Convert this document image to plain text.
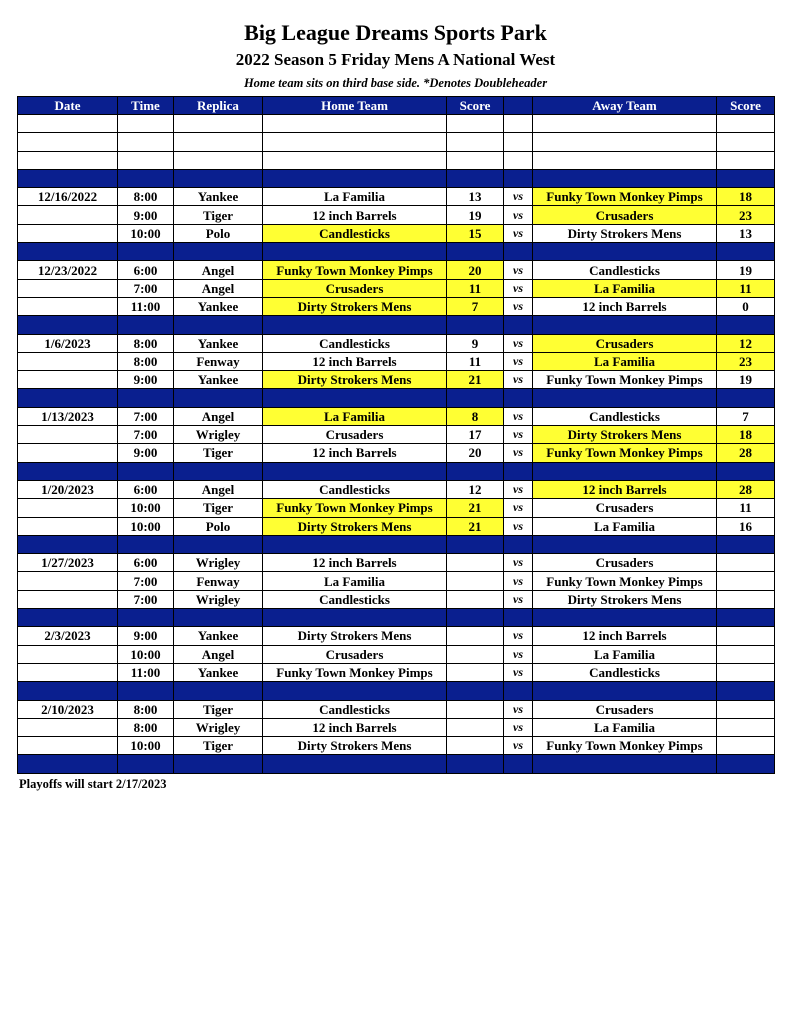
Big League Dreams Sports Park
2022 Season 5 Friday Mens A National West
Home team sits on third base side. *Denotes Doubleheader
Date	Time	Replica	Home Team	Score		Away Team	Score

12/16/2022	8:00	Yankee	La Familia	13	vs	Funky Town Monkey Pimps	18
	9:00	Tiger	12 inch Barrels	19	vs	Crusaders	23
	10:00	Polo	Candlesticks	15	vs	Dirty Strokers Mens	13

12/23/2022	6:00	Angel	Funky Town Monkey Pimps	20	vs	Candlesticks	19
	7:00	Angel	Crusaders	11	vs	La Familia	11
	11:00	Yankee	Dirty Strokers Mens	7	vs	12 inch Barrels	0

1/6/2023	8:00	Yankee	Candlesticks	9	vs	Crusaders	12
	8:00	Fenway	12 inch Barrels	11	vs	La Familia	23
	9:00	Yankee	Dirty Strokers Mens	21	vs	Funky Town Monkey Pimps	19

1/13/2023	7:00	Angel	La Familia	8	vs	Candlesticks	7
	7:00	Wrigley	Crusaders	17	vs	Dirty Strokers Mens	18
	9:00	Tiger	12 inch Barrels	20	vs	Funky Town Monkey Pimps	28

1/20/2023	6:00	Angel	Candlesticks	12	vs	12 inch Barrels	28
	10:00	Tiger	Funky Town Monkey Pimps	21	vs	Crusaders	11
	10:00	Polo	Dirty Strokers Mens	21	vs	La Familia	16

1/27/2023	6:00	Wrigley	12 inch Barrels		vs	Crusaders	
	7:00	Fenway	La Familia		vs	Funky Town Monkey Pimps	
	7:00	Wrigley	Candlesticks		vs	Dirty Strokers Mens	

2/3/2023	9:00	Yankee	Dirty Strokers Mens		vs	12 inch Barrels	
	10:00	Angel	Crusaders		vs	La Familia	
	11:00	Yankee	Funky Town Monkey Pimps		vs	Candlesticks	

2/10/2023	8:00	Tiger	Candlesticks		vs	Crusaders	
	8:00	Wrigley	12 inch Barrels		vs	La Familia	
	10:00	Tiger	Dirty Strokers Mens		vs	Funky Town Monkey Pimps	

Playoffs will start 2/17/2023
